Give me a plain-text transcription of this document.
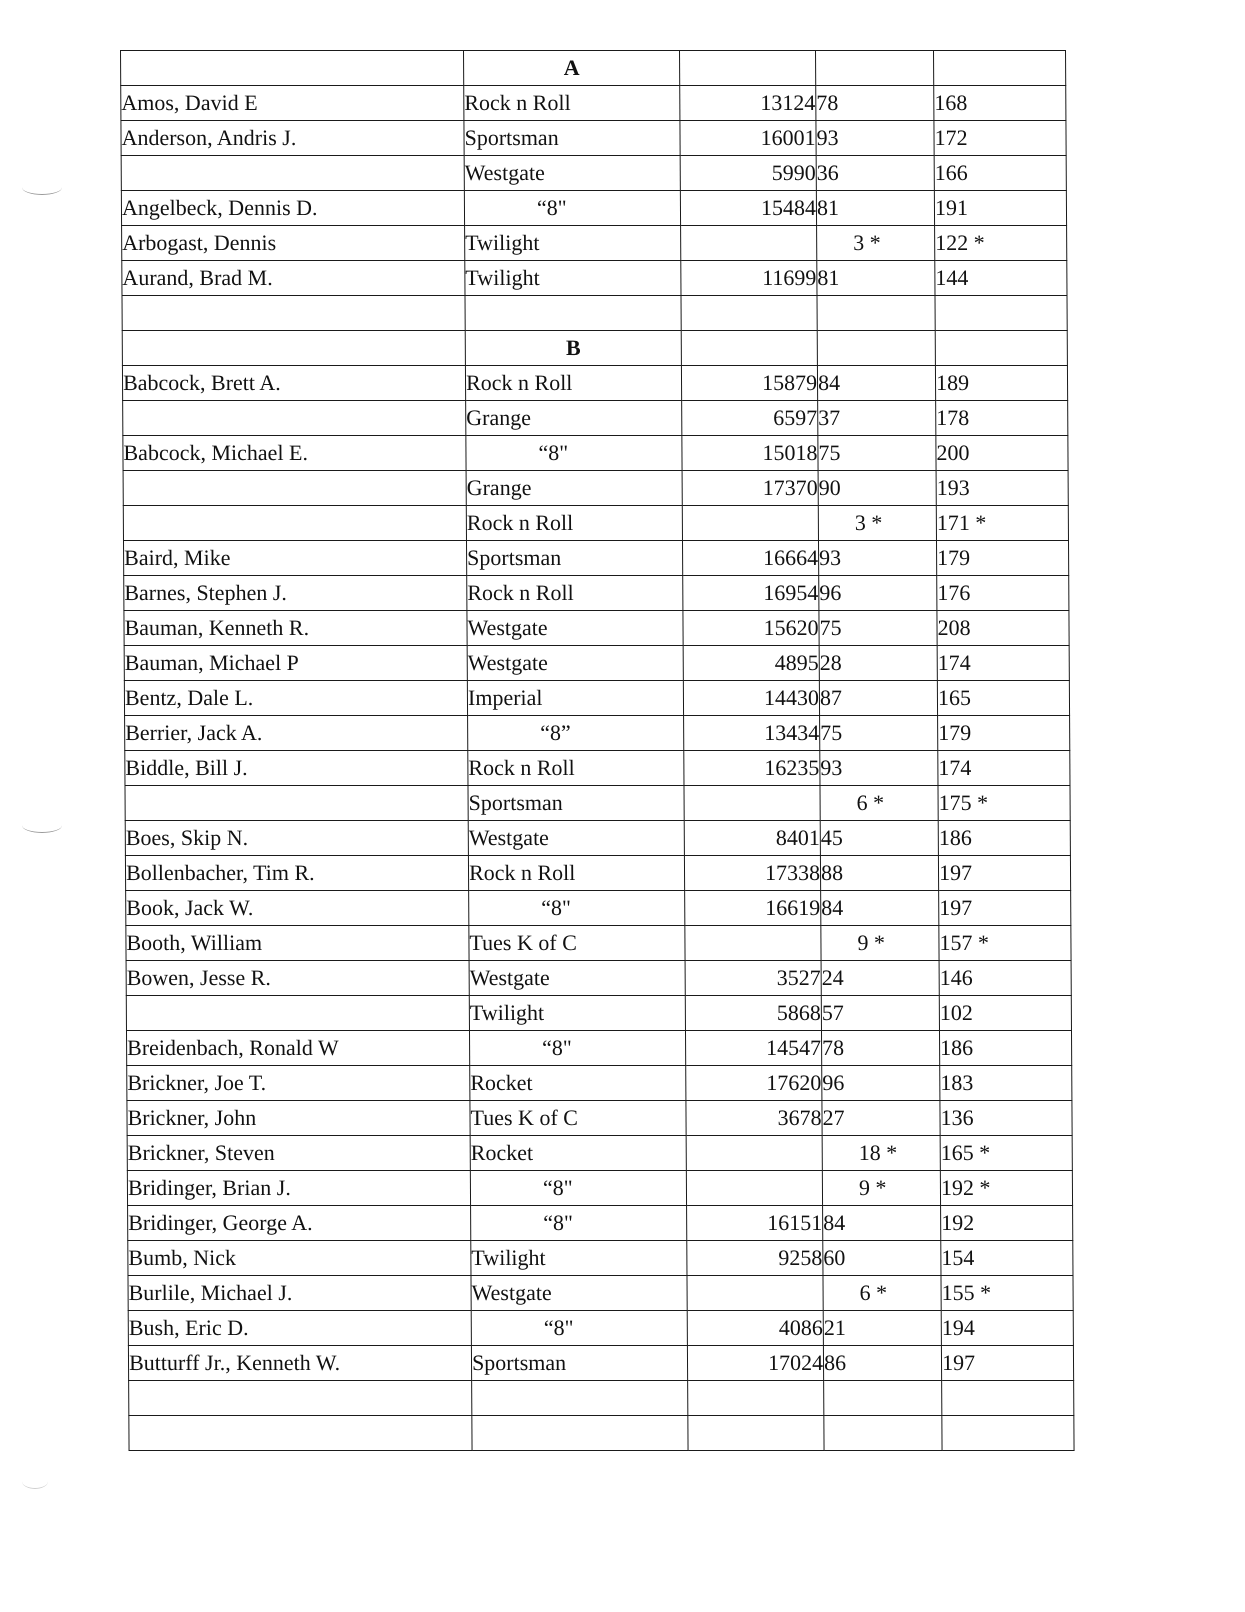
	A			
Amos, David E	Rock n Roll	13124	78	168
Anderson, Andris J.	Sportsman	16001	93	172
	Westgate	5990	36	166
Angelbeck, Dennis D.	“8"	15484	81	191
Arbogast, Dennis	Twilight		3 *	122 *
Aurand, Brad M.	Twilight	11699	81	144

	B			
Babcock, Brett A.	Rock n Roll	15879	84	189
	Grange	6597	37	178
Babcock, Michael E.	“8"	15018	75	200
	Grange	17370	90	193
	Rock n Roll		3 *	171 *
Baird, Mike	Sportsman	16664	93	179
Barnes, Stephen J.	Rock n Roll	16954	96	176
Bauman, Kenneth R.	Westgate	15620	75	208
Bauman, Michael P	Westgate	4895	28	174
Bentz, Dale L.	Imperial	14430	87	165
Berrier, Jack A.	“8”	13434	75	179
Biddle, Bill J.	Rock n Roll	16235	93	174
	Sportsman		6 *	175 *
Boes, Skip N.	Westgate	8401	45	186
Bollenbacher, Tim R.	Rock n Roll	17338	88	197
Book, Jack W.	“8"	16619	84	197
Booth, William	Tues K of C		9 *	157 *
Bowen, Jesse R.	Westgate	3527	24	146
	Twilight	5868	57	102
Breidenbach, Ronald W	“8"	14547	78	186
Brickner, Joe T.	Rocket	17620	96	183
Brickner, John	Tues K of C	3678	27	136
Brickner, Steven	Rocket		18 *	165 *
Bridinger, Brian J.	“8"		9 *	192 *
Bridinger, George A.	“8"	16151	84	192
Bumb, Nick	Twilight	9258	60	154
Burlile, Michael J.	Westgate		6 *	155 *
Bush, Eric D.	“8"	4086	21	194
Butturff Jr., Kenneth W.	Sportsman	17024	86	197
